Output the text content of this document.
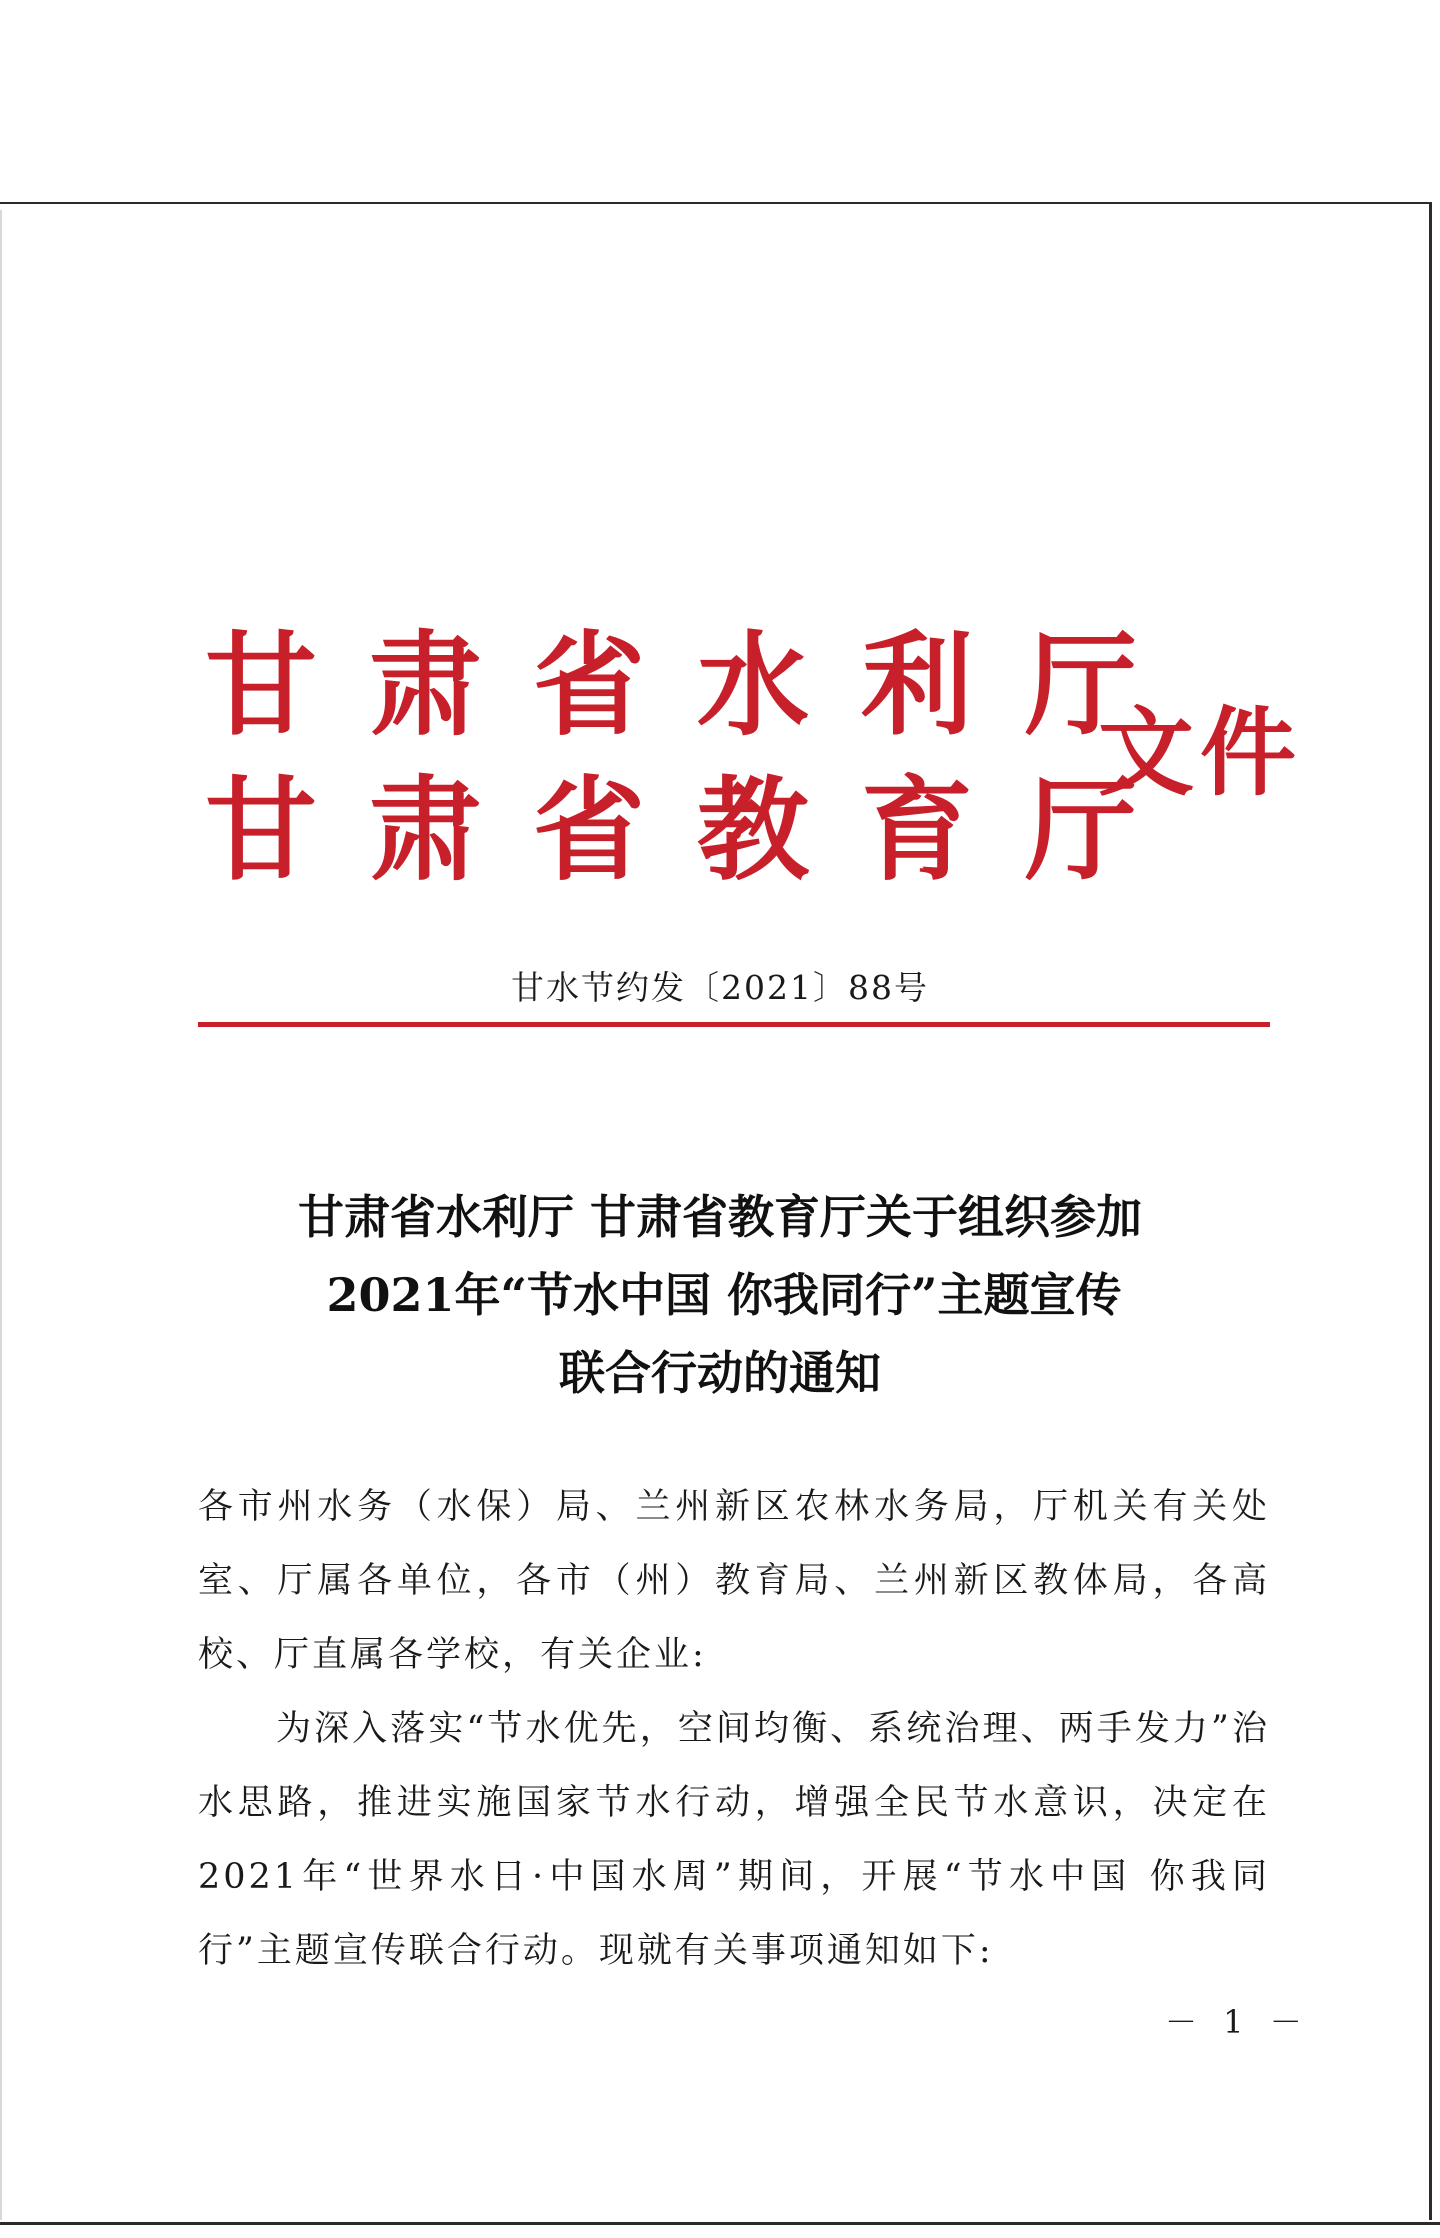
甘肃省水利厅
甘肃省教育厅
文件
甘水节约发〔2021〕88号
甘肃省水利厅 甘肃省教育厅关于组织参加
2021年“节水中国 你我同行”主题宣传
联合行动的通知

各市州水务（水保）局、兰州新区农林水务局，厅机关有关处室、厅属各单位，各市（州）教育局、兰州新区教体局，各高校、厅直属各学校，有关企业:

为深入落实“节水优先，空间均衡、系统治理、两手发力”治水思路，推进实施国家节水行动，增强全民节水意识，决定在2021年“世界水日·中国水周”期间，开展“节水中国 你我同行”主题宣传联合行动。现就有关事项通知如下:

－ 1 －
